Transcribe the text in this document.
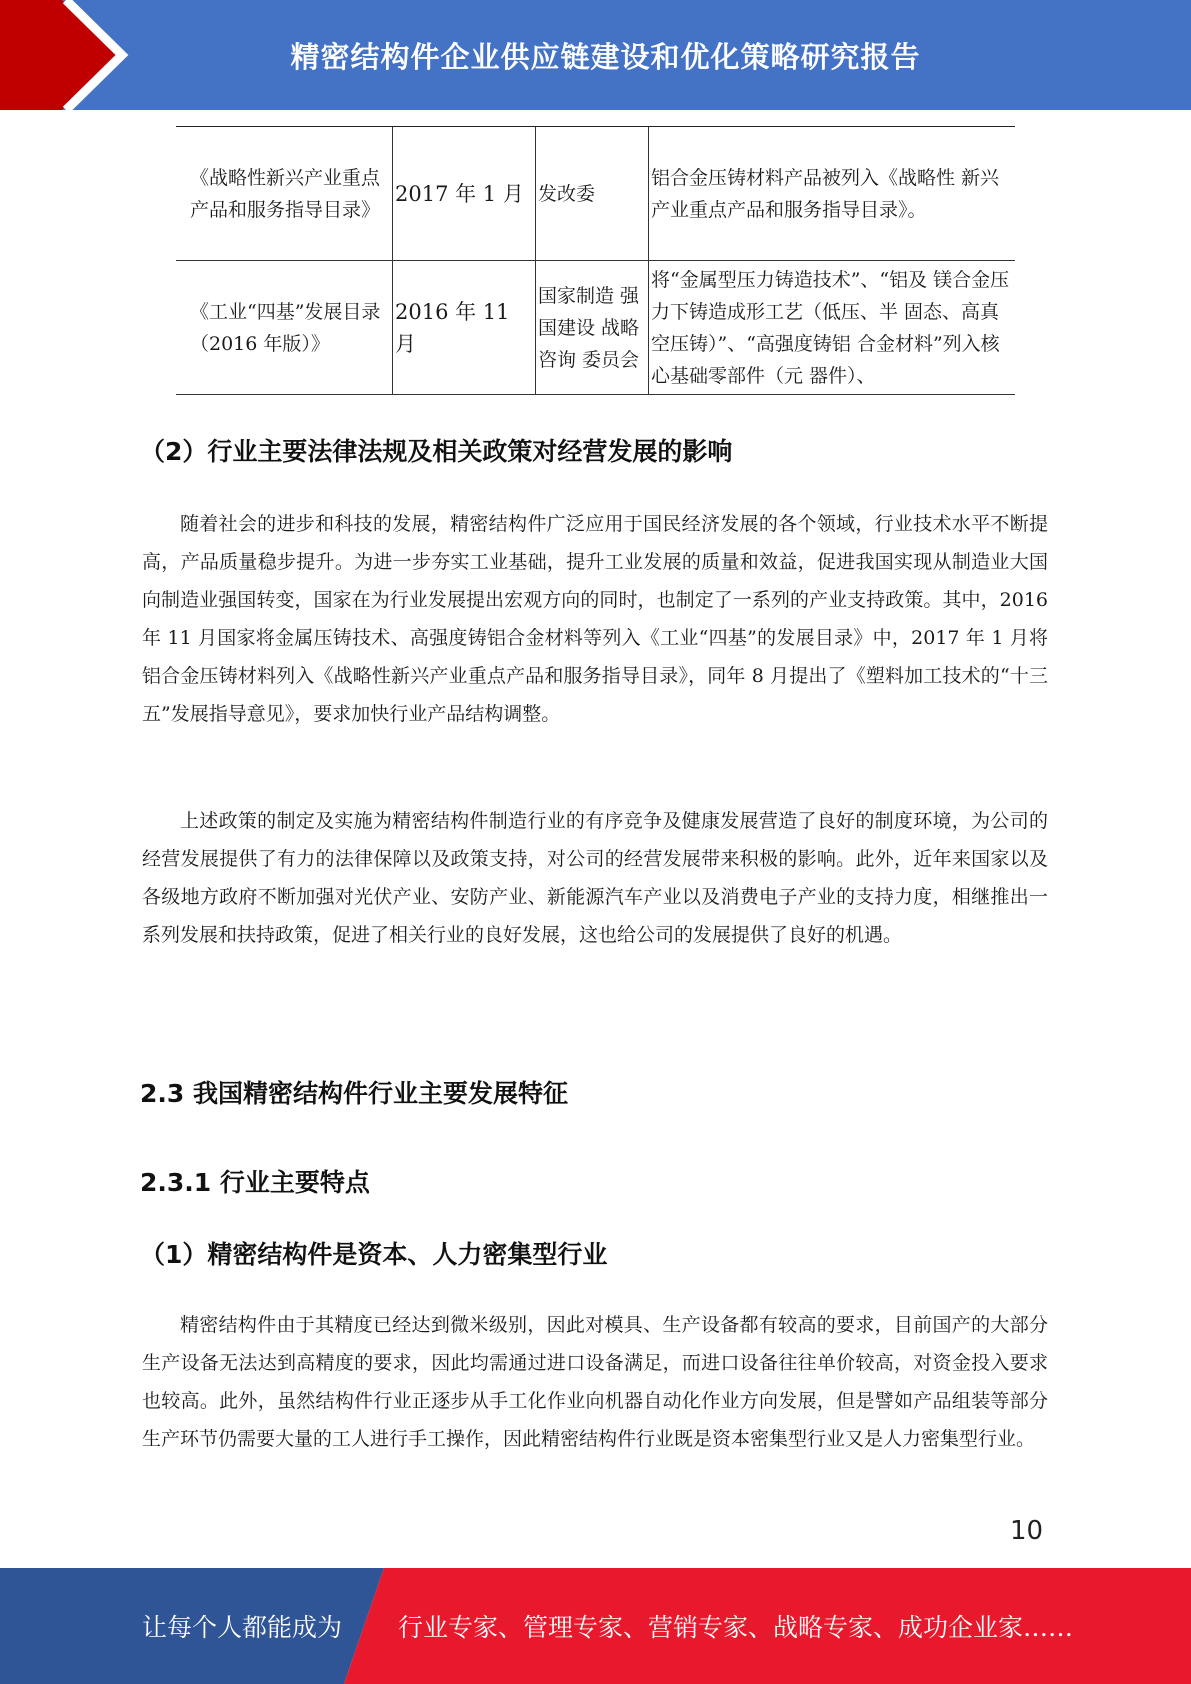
精密结构件企业供应链建设和优化策略研究报告
《战略性新兴产业重点产品和服务指导目录》	2017 年 1 月	发改委	铝合金压铸材料产品被列入《战略性 新兴产业重点产品和服务指导目录》。
《工业“四基”发展目录（2016 年版）》	2016 年 11 月	国家制造 强国建设 战略咨询 委员会	将“金属型压力铸造技术”、“铝及 镁合金压力下铸造成形工艺（低压、半 固态、高真空压铸）”、“高强度铸铝 合金材料”列入核心基础零部件（元 器件）、
（2）行业主要法律法规及相关政策对经营发展的影响

随着社会的进步和科技的发展，精密结构件广泛应用于国民经济发展的各个领域，行业技术水平不断提高，产品质量稳步提升。为进一步夯实工业基础，提升工业发展的质量和效益，促进我国实现从制造业大国向制造业强国转变，国家在为行业发展提出宏观方向的同时，也制定了一系列的产业支持政策。其中，2016 年 11 月国家将金属压铸技术、高强度铸铝合金材料等列入《工业“四基”的发展目录》中，2017 年 1 月将铝合金压铸材料列入《战略性新兴产业重点产品和服务指导目录》，同年 8 月提出了《塑料加工技术的“十三五”发展指导意见》，要求加快行业产品结构调整。

上述政策的制定及实施为精密结构件制造行业的有序竞争及健康发展营造了良好的制度环境，为公司的经营发展提供了有力的法律保障以及政策支持，对公司的经营发展带来积极的影响。此外，近年来国家以及各级地方政府不断加强对光伏产业、安防产业、新能源汽车产业以及消费电子产业的支持力度，相继推出一系列发展和扶持政策，促进了相关行业的良好发展，这也给公司的发展提供了良好的机遇。

2.3 我国精密结构件行业主要发展特征
2.3.1 行业主要特点
（1）精密结构件是资本、人力密集型行业

精密结构件由于其精度已经达到微米级别，因此对模具、生产设备都有较高的要求，目前国产的大部分生产设备无法达到高精度的要求，因此均需通过进口设备满足，而进口设备往往单价较高，对资金投入要求也较高。此外，虽然结构件行业正逐步从手工化作业向机器自动化作业方向发展，但是譬如产品组装等部分生产环节仍需要大量的工人进行手工操作，因此精密结构件行业既是资本密集型行业又是人力密集型行业。

10
让每个人都能成为 行业专家、管理专家、营销专家、战略专家、成功企业家……
